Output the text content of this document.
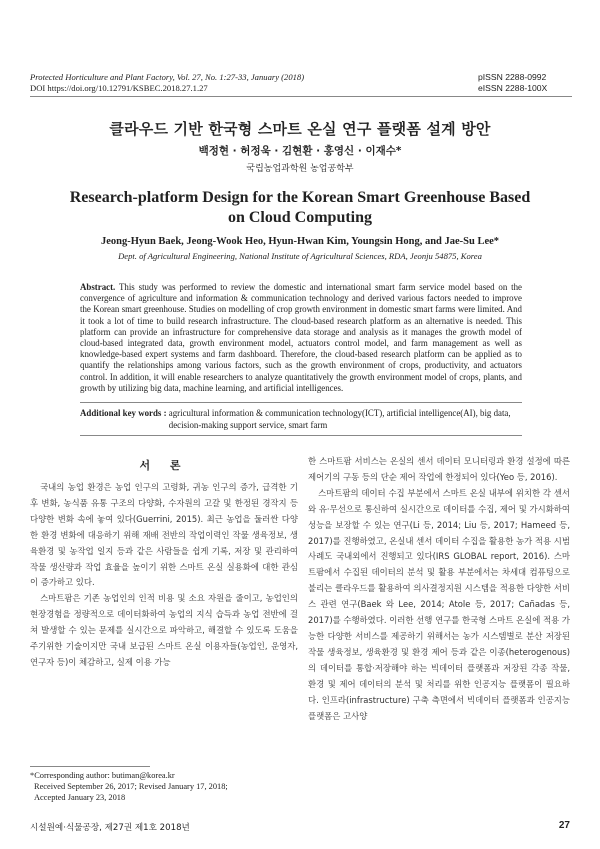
Protected Horticulture and Plant Factory, Vol. 27, No. 1:27-33, January (2018)
DOI https://doi.org/10.12791/KSBEC.2018.27.1.27
pISSN 2288-0992
eISSN 2288-100X
클라우드 기반 한국형 스마트 온실 연구 플랫폼 설계 방안
백정현 · 허정욱 · 김현환 · 홍영신 · 이재수*
국립농업과학원 농업공학부
Research-platform Design for the Korean Smart Greenhouse Based on Cloud Computing
Jeong-Hyun Baek, Jeong-Wook Heo, Hyun-Hwan Kim, Youngsin Hong, and Jae-Su Lee*
Dept. of Agricultural Engineering, National Institute of Agricultural Sciences, RDA, Jeonju 54875, Korea
Abstract. This study was performed to review the domestic and international smart farm service model based on the convergence of agriculture and information & communication technology and derived various factors needed to improve the Korean smart greenhouse. Studies on modelling of crop growth environment in domestic smart farms were limited. And it took a lot of time to build research infrastructure. The cloud-based research platform as an alternative is needed. This platform can provide an infrastructure for comprehensive data storage and analysis as it manages the growth model of cloud-based integrated data, growth environment model, actuators control model, and farm management as well as knowledge-based expert systems and farm dashboard. Therefore, the cloud-based research platform can be applied as to quantify the relationships among various factors, such as the growth environment of crops, productivity, and actuators control. In addition, it will enable researchers to analyze quantitatively the growth environment model of crops, plants, and growth by utilizing big data, machine learning, and artificial intelligences.
Additional key words : agricultural information & communication technology(ICT), artificial intelligence(AI), big data, decision-making support service, smart farm
서 론

국내의 농업 환경은 농업 인구의 고령화, 귀농 인구의 증가, 급격한 기후 변화, 농식품 유통 구조의 다양화, 수자원의 고갈 및 한정된 경작지 등 다양한 변화 속에 놓여 있다(Guerrini, 2015). 최근 농업을 둘러싼 다양한 환경 변화에 대응하기 위해 재배 전반의 작업이력인 작물 생육정보, 생육환경 및 농작업 일지 등과 같은 사람들을 쉽게 기록, 저장 및 관리하여 작물 생산량과 작업 효율을 높이기 위한 스마트 온실 실용화에 대한 관심이 증가하고 있다.

스마트팜은 기존 농업인의 인적 비용 및 소요 자원을 줄이고, 농업인의 현장경험을 정량적으로 데이터화하여 농업의 지식 습득과 농업 전반에 걸쳐 발생할 수 있는 문제를 실시간으로 파악하고, 해결할 수 있도록 도움을 주기위한 기술이지만 국내 보급된 스마트 온실 이용자들(농업인, 운영자, 연구자 등)이 체감하고, 실제 이용 가능

한 스마트팜 서비스는 온실의 센서 데이터 모니터링과 환경 설정에 따른 제어기의 구동 등의 단순 제어 작업에 한정되어 있다(Yeo 등, 2016).

스마트팜의 데이터 수집 부분에서 스마트 온실 내부에 위치한 각 센서와 유·무선으로 통신하여 실시간으로 데이터를 수집, 제어 및 가시화하여 성능을 보장할 수 있는 연구(Li 등, 2014; Liu 등, 2017; Hameed 등, 2017)를 진행하였고, 온실내 센서 데이터 수집을 활용한 농가 적용 시범 사례도 국내외에서 진행되고 있다(IRS GLOBAL report, 2016). 스마트팜에서 수집된 데이터의 분석 및 활용 부분에서는 차세대 컴퓨팅으로 불리는 클라우드를 활용하여 의사결정지원 시스템을 적용한 다양한 서비스 관련 연구(Baek 와 Lee, 2014; Atole 등, 2017; Cañadas 등, 2017)를 수행하였다. 이러한 선행 연구를 한국형 스마트 온실에 적용 가능한 다양한 서비스를 제공하기 위해서는 농가 시스템별로 분산 저장된 작물 생육정보, 생육환경 및 환경 제어 등과 같은 이종(heterogenous)의 데이터를 통합·저장해야 하는 빅데이터 플랫폼과 저장된 각종 작물, 환경 및 제어 데이터의 분석 및 처리를 위한 인공지능 플랫폼이 필요하다. 인프라(infrastructure) 구축 측면에서 빅데이터 플랫폼과 인공지능 플랫폼은 고사양

*Corresponding author: butiman@korea.kr
Received September 26, 2017; Revised January 17, 2018;
Accepted January 23, 2018
시설원예·식물공장, 제27권 제1호 2018년	27
